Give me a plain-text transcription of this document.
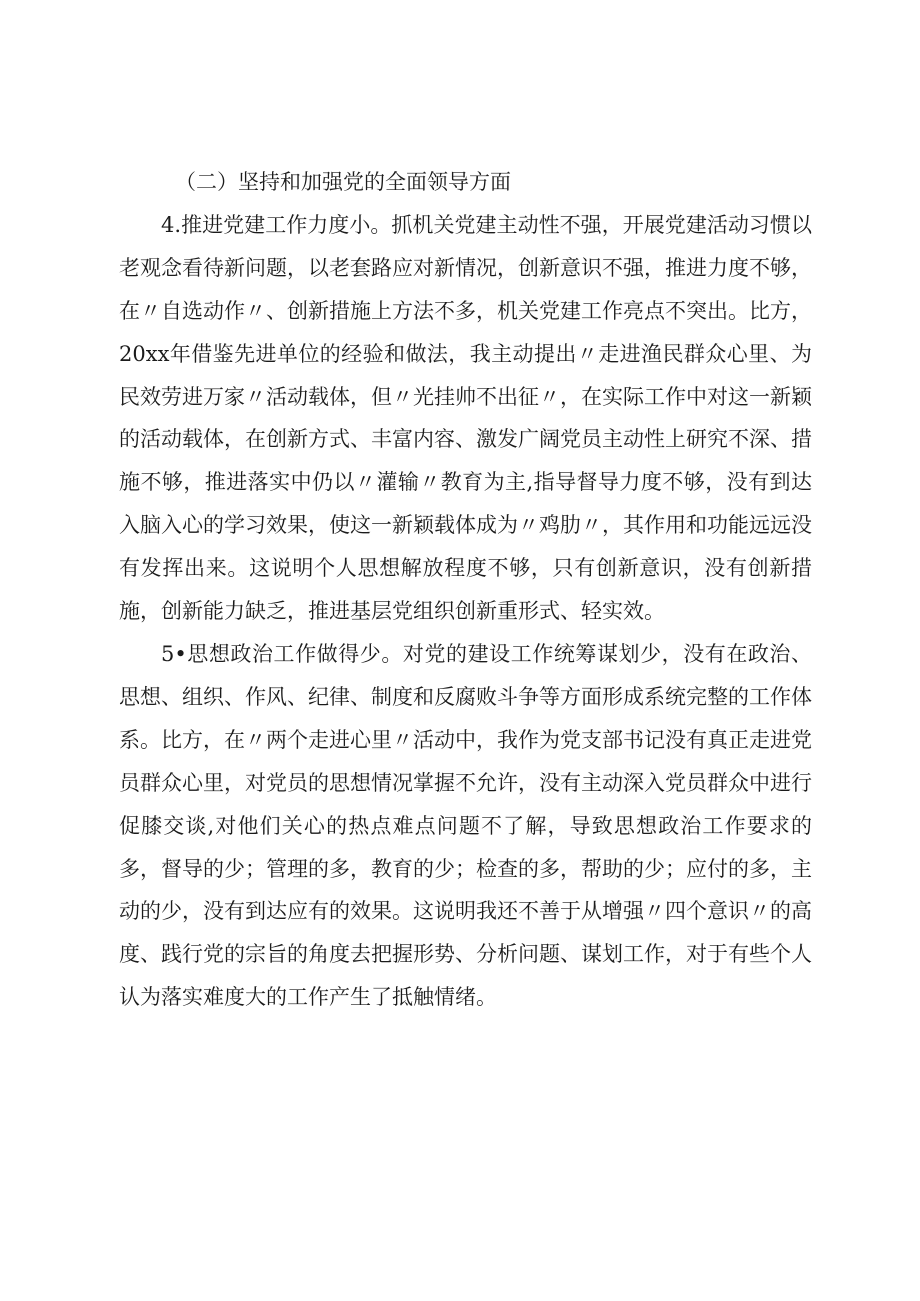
（二）坚持和加强党的全面领导方面

4.推进党建工作力度小。抓机关党建主动性不强，开展党建活动习惯以老观念看待新问题，以老套路应对新情况，创新意识不强，推进力度不够，在〃自选动作〃、创新措施上方法不多，机关党建工作亮点不突出。比方，20xx年借鉴先进单位的经验和做法，我主动提出〃走进渔民群众心里、为民效劳进万家〃活动载体，但〃光挂帅不出征〃，在实际工作中对这一新颖的活动载体，在创新方式、丰富内容、激发广阔党员主动性上研究不深、措施不够，推进落实中仍以〃灌输〃教育为主,指导督导力度不够，没有到达入脑入心的学习效果，使这一新颖载体成为〃鸡肋〃，其作用和功能远远没有发挥出来。这说明个人思想解放程度不够，只有创新意识，没有创新措施，创新能力缺乏，推进基层党组织创新重形式、轻实效。

5•思想政治工作做得少。对党的建设工作统筹谋划少，没有在政治、思想、组织、作风、纪律、制度和反腐败斗争等方面形成系统完整的工作体系。比方，在〃两个走进心里〃活动中，我作为党支部书记没有真正走进党员群众心里，对党员的思想情况掌握不允许，没有主动深入党员群众中进行促膝交谈,对他们关心的热点难点问题不了解，导致思想政治工作要求的多，督导的少；管理的多，教育的少；检查的多，帮助的少；应付的多，主动的少，没有到达应有的效果。这说明我还不善于从增强〃四个意识〃的高度、践行党的宗旨的角度去把握形势、分析问题、谋划工作，对于有些个人认为落实难度大的工作产生了抵触情绪。
